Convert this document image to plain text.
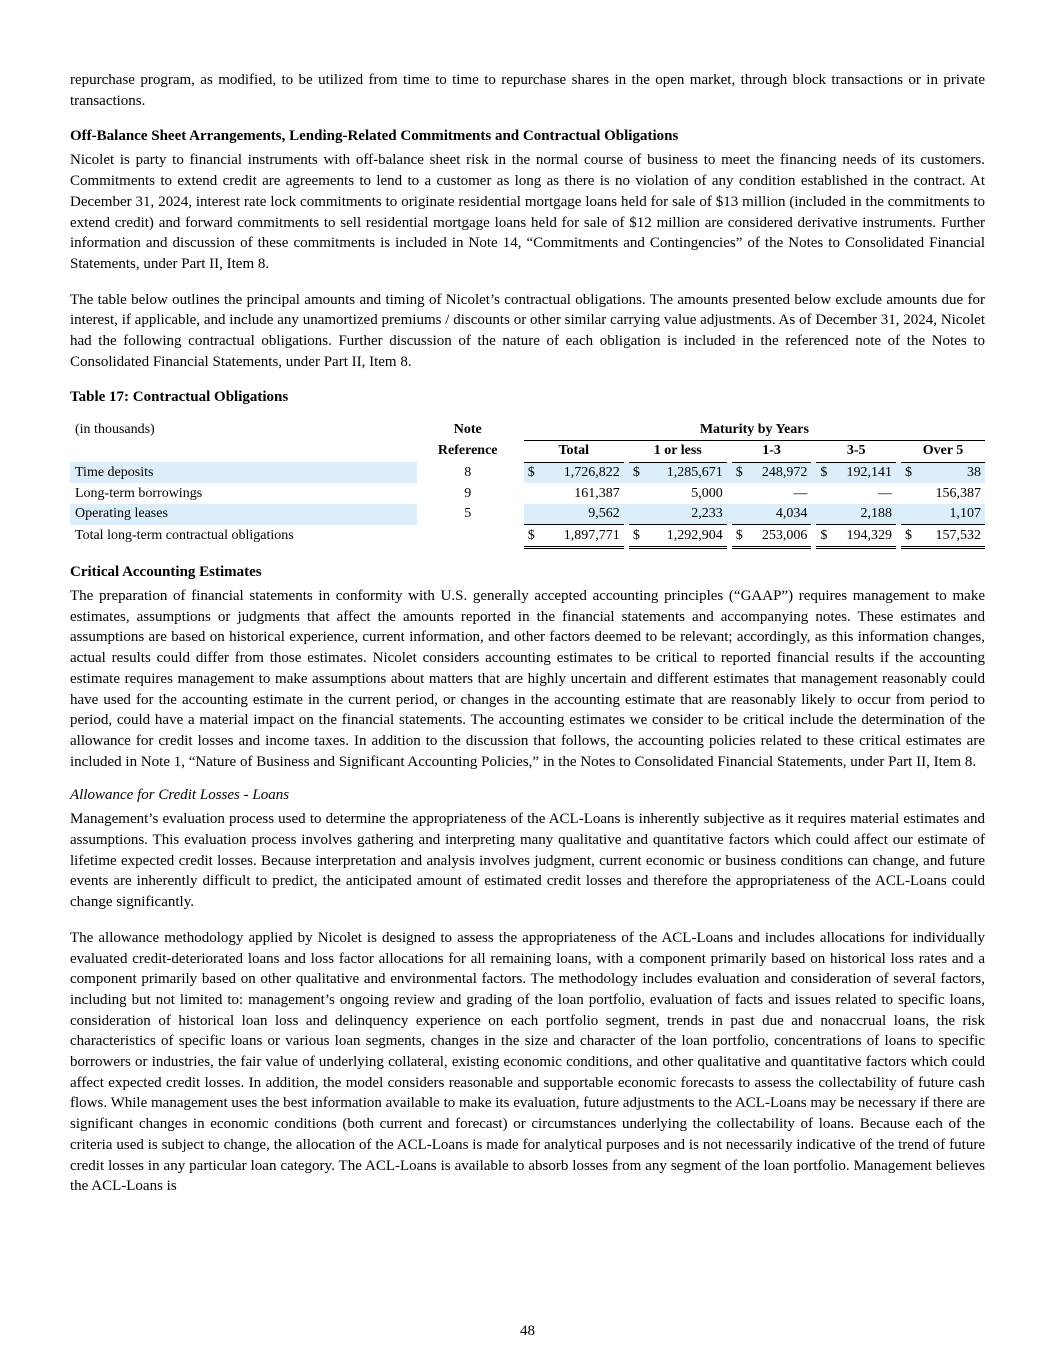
repurchase program, as modified, to be utilized from time to time to repurchase shares in the open market, through block transactions or in private transactions.

Off-Balance Sheet Arrangements, Lending-Related Commitments and Contractual Obligations

Nicolet is party to financial instruments with off-balance sheet risk in the normal course of business to meet the financing needs of its customers. Commitments to extend credit are agreements to lend to a customer as long as there is no violation of any condition established in the contract. At December 31, 2024, interest rate lock commitments to originate residential mortgage loans held for sale of $13 million (included in the commitments to extend credit) and forward commitments to sell residential mortgage loans held for sale of $12 million are considered derivative instruments. Further information and discussion of these commitments is included in Note 14, “Commitments and Contingencies” of the Notes to Consolidated Financial Statements, under Part II, Item 8.

The table below outlines the principal amounts and timing of Nicolet’s contractual obligations. The amounts presented below exclude amounts due for interest, if applicable, and include any unamortized premiums / discounts or other similar carrying value adjustments. As of December 31, 2024, Nicolet had the following contractual obligations. Further discussion of the nature of each obligation is included in the referenced note of the Notes to Consolidated Financial Statements, under Part II, Item 8.

Table 17: Contractual Obligations
(in thousands)	Note		Maturity by Years													
	Reference		Total			1 or less			1-3			3-5			Over 5	
Time deposits	8		$	1,726,822		$	1,285,671		$	248,972		$	192,141		$	38
Long-term borrowings	9			161,387			5,000			—			—			156,387
Operating leases	5			9,562			2,233			4,034			2,188			1,107
Total long-term contractual obligations			$	1,897,771		$	1,292,904		$	253,006		$	194,329		$	157,532
Critical Accounting Estimates

The preparation of financial statements in conformity with U.S. generally accepted accounting principles (“GAAP”) requires management to make estimates, assumptions or judgments that affect the amounts reported in the financial statements and accompanying notes. These estimates and assumptions are based on historical experience, current information, and other factors deemed to be relevant; accordingly, as this information changes, actual results could differ from those estimates. Nicolet considers accounting estimates to be critical to reported financial results if the accounting estimate requires management to make assumptions about matters that are highly uncertain and different estimates that management reasonably could have used for the accounting estimate in the current period, or changes in the accounting estimate that are reasonably likely to occur from period to period, could have a material impact on the financial statements. The accounting estimates we consider to be critical include the determination of the allowance for credit losses and income taxes. In addition to the discussion that follows, the accounting policies related to these critical estimates are included in Note 1, “Nature of Business and Significant Accounting Policies,” in the Notes to Consolidated Financial Statements, under Part II, Item 8.

Allowance for Credit Losses - Loans

Management’s evaluation process used to determine the appropriateness of the ACL-Loans is inherently subjective as it requires material estimates and assumptions. This evaluation process involves gathering and interpreting many qualitative and quantitative factors which could affect our estimate of lifetime expected credit losses. Because interpretation and analysis involves judgment, current economic or business conditions can change, and future events are inherently difficult to predict, the anticipated amount of estimated credit losses and therefore the appropriateness of the ACL-Loans could change significantly.

The allowance methodology applied by Nicolet is designed to assess the appropriateness of the ACL-Loans and includes allocations for individually evaluated credit-deteriorated loans and loss factor allocations for all remaining loans, with a component primarily based on historical loss rates and a component primarily based on other qualitative and environmental factors. The methodology includes evaluation and consideration of several factors, including but not limited to: management’s ongoing review and grading of the loan portfolio, evaluation of facts and issues related to specific loans, consideration of historical loan loss and delinquency experience on each portfolio segment, trends in past due and nonaccrual loans, the risk characteristics of specific loans or various loan segments, changes in the size and character of the loan portfolio, concentrations of loans to specific borrowers or industries, the fair value of underlying collateral, existing economic conditions, and other qualitative and quantitative factors which could affect expected credit losses. In addition, the model considers reasonable and supportable economic forecasts to assess the collectability of future cash flows. While management uses the best information available to make its evaluation, future adjustments to the ACL-Loans may be necessary if there are significant changes in economic conditions (both current and forecast) or circumstances underlying the collectability of loans. Because each of the criteria used is subject to change, the allocation of the ACL-Loans is made for analytical purposes and is not necessarily indicative of the trend of future credit losses in any particular loan category. The ACL-Loans is available to absorb losses from any segment of the loan portfolio. Management believes the ACL-Loans is

48
